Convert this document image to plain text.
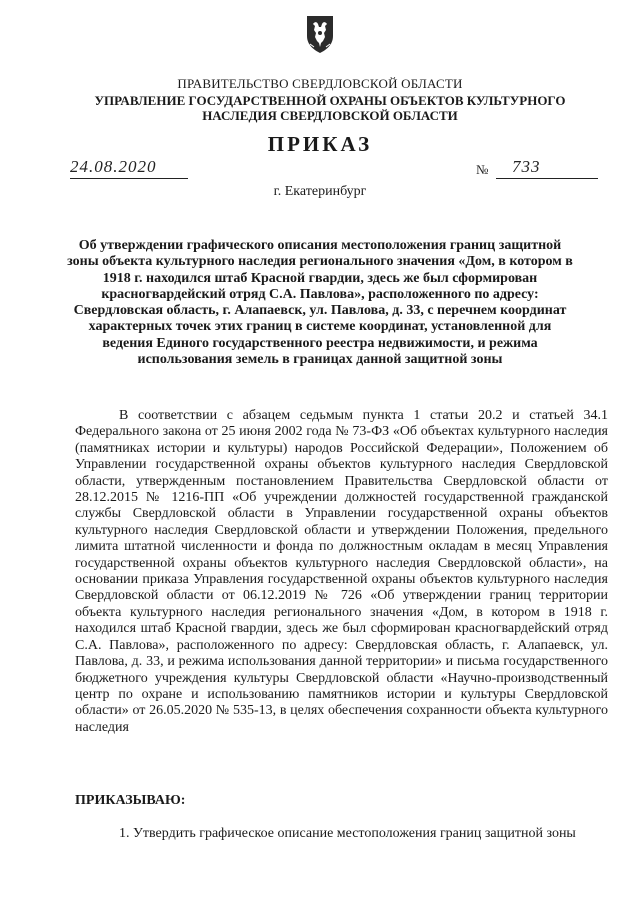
ПРАВИТЕЛЬСТВО СВЕРДЛОВСКОЙ ОБЛАСТИ
УПРАВЛЕНИЕ ГОСУДАРСТВЕННОЙ ОХРАНЫ ОБЪЕКТОВ КУЛЬТУРНОГО НАСЛЕДИЯ СВЕРДЛОВСКОЙ ОБЛАСТИ
ПРИКАЗ
24.08.2020	№ 733
г. Екатеринбург
Об утверждении графического описания местоположения границ защитной зоны объекта культурного наследия регионального значения «Дом, в котором в 1918 г. находился штаб Красной гвардии, здесь же был сформирован красногвардейский отряд С.А. Павлова», расположенного по адресу: Свердловская область, г. Алапаевск, ул. Павлова, д. 33, с перечнем координат характерных точек этих границ в системе координат, установленной для ведения Единого государственного реестра недвижимости, и режима использования земель в границах данной защитной зоны
В соответствии с абзацем седьмым пункта 1 статьи 20.2 и статьей 34.1 Федерального закона от 25 июня 2002 года № 73-ФЗ «Об объектах культурного наследия (памятниках истории и культуры) народов Российской Федерации», Положением об Управлении государственной охраны объектов культурного наследия Свердловской области, утвержденным постановлением Правительства Свердловской области от 28.12.2015 № 1216-ПП «Об учреждении должностей государственной гражданской службы Свердловской области в Управлении государственной охраны объектов культурного наследия Свердловской области и утверждении Положения, предельного лимита штатной численности и фонда по должностным окладам в месяц Управления государственной охраны объектов культурного наследия Свердловской области», на основании приказа Управления государственной охраны объектов культурного наследия Свердловской области от 06.12.2019 № 726 «Об утверждении границ территории объекта культурного наследия регионального значения «Дом, в котором в 1918 г. находился штаб Красной гвардии, здесь же был сформирован красногвардейский отряд С.А. Павлова», расположенного по адресу: Свердловская область, г. Алапаевск, ул. Павлова, д. 33, и режима использования данной территории» и письма государственного бюджетного учреждения культуры Свердловской области «Научно-производственный центр по охране и использованию памятников истории и культуры Свердловской области» от 26.05.2020 № 535-13, в целях обеспечения сохранности объекта культурного наследия
ПРИКАЗЫВАЮ:
1. Утвердить графическое описание местоположения границ защитной зоны
